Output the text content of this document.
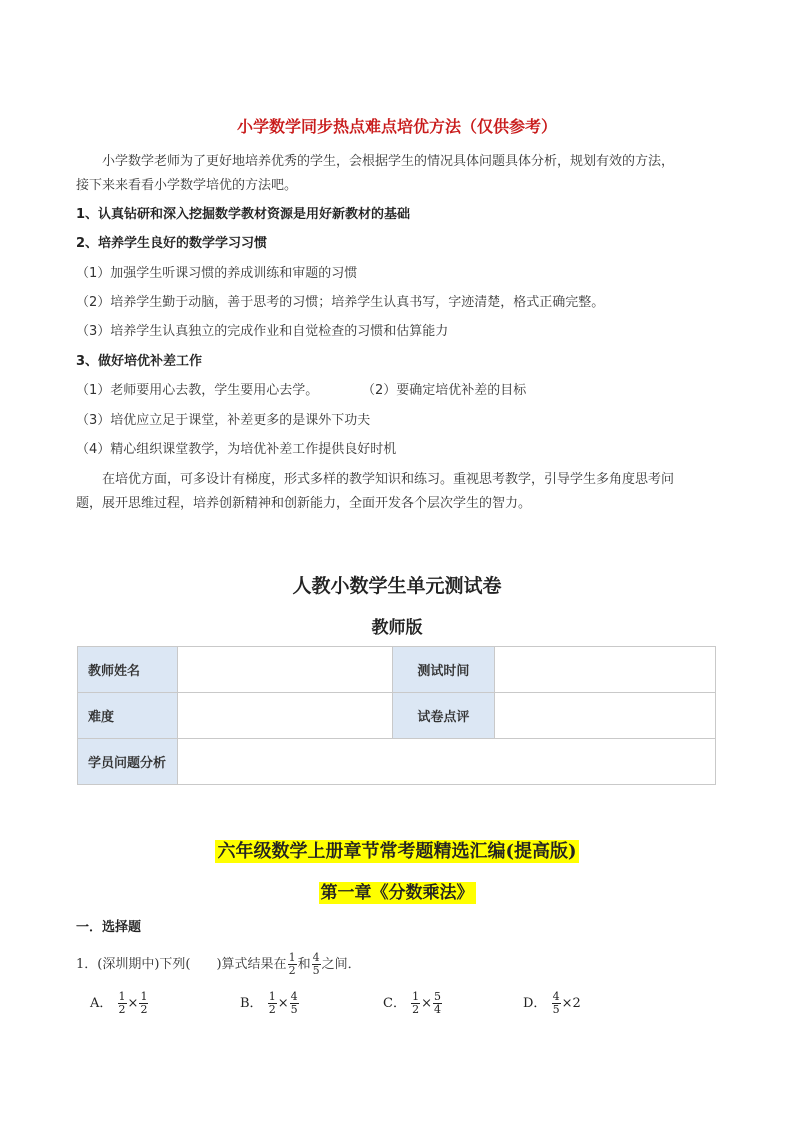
小学数学同步热点难点培优方法（仅供参考）
小学数学老师为了更好地培养优秀的学生，会根据学生的情况具体问题具体分析，规划有效的方法，
接下来来看看小学数学培优的方法吧。
1、认真钻研和深入挖掘数学教材资源是用好新教材的基础
2、培养学生良好的数学学习习惯
（1）加强学生听课习惯的养成训练和审题的习惯
（2）培养学生勤于动脑，善于思考的习惯；培养学生认真书写，字迹清楚，格式正确完整。
（3）培养学生认真独立的完成作业和自觉检查的习惯和估算能力
3、做好培优补差工作
（1）老师要用心去教，学生要用心去学。	（2）要确定培优补差的目标
（3）培优应立足于课堂，补差更多的是课外下功夫
（4）精心组织课堂教学，为培优补差工作提供良好时机
在培优方面，可多设计有梯度，形式多样的教学知识和练习。重视思考教学，引导学生多角度思考问
题，展开思维过程，培养创新精神和创新能力，全面开发各个层次学生的智力。
人教小数学生单元测试卷
教师版
教师姓名		测试时间	
难度		试卷点评	
学员问题分析			
六年级数学上册章节常考题精选汇编(提高版)
第一章《分数乘法》
一．选择题
1．(深圳期中)下列(　　)算式结果在 $\frac{1}{2}$ 和 $\frac{4}{5}$ 之间．
A． $\frac{1}{2} \times \frac{1}{2}$	B． $\frac{1}{2} \times \frac{4}{5}$	C． $\frac{1}{2} \times \frac{5}{4}$	D． $\frac{4}{5} \times 2$
